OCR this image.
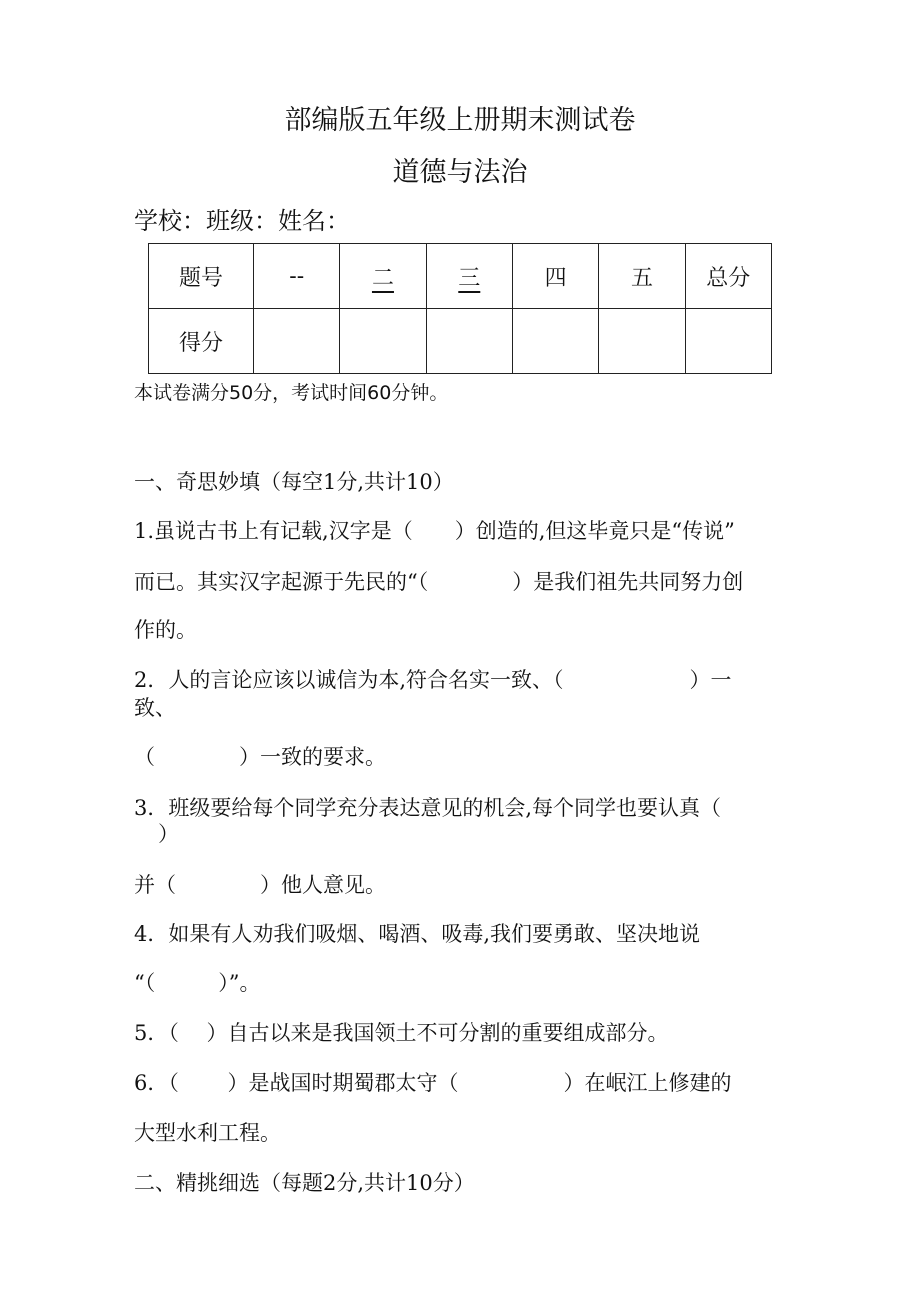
部编版五年级上册期末测试卷
道德与法治
学校：班级：姓名：
题号	--	二	三	四	五	总分
得分						
本试卷满分50分，考试时间60分钟。
一、奇思妙填（每空1分,共计10）
1.虽说古书上有记载,汉字是（　　）创造的,但这毕竟只是“传说”
而已。其实汉字起源于先民的“（　　　　）是我们祖先共同努力创
作的。
2．人的言论应该以诚信为本,符合名实一致、（　　　　　　）一
致、
（　　　　）一致的要求。
3．班级要给每个同学充分表达意见的机会,每个同学也要认真（
）
并（　　　　）他人意见。
4．如果有人劝我们吸烟、喝酒、吸毒,我们要勇敢、坚决地说
“（　　　）”。
5．（　 ）自古以来是我国领土不可分割的重要组成部分。
6．（　　 ）是战国时期蜀郡太守（　　　　　）在岷江上修建的
大型水利工程。
二、精挑细选（每题2分,共计10分）
